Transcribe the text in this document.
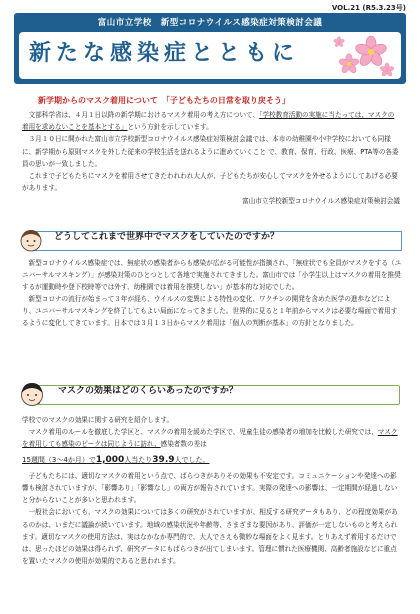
VOL.21 (R5.3.23号)
富山市立学校　新型コロナウイルス感染症対策検討会議
新たな感染症とともに
新学期からのマスク着用について　「子どもたちの日常を取り戻そう」

　文部科学省は、４月１日以降の新学期におけるマスク着用の考え方について、「学校教育活動の実施に当たっては、マスクの着用を求めないことを基本とする」という方針を示しています。

　３月１０日に開かれた富山市立学校新型コロナウイルス感染症対策検討会議では、本市の幼稚園や小中学校においても同様に、新学期から原則マスクを外した従来の学校生活を送れるように進めていくこと で、教育、保育、行政、医療、PTA等の各委員の思いが一致しました。

　これまで子どもたちにマスクを着用させてきたわれわれ大人が、子どもたちが安心してマスクを外せるようにしてあげる必要があります。

富山市立学校新型コロナウイルス感染症対策検討会議

どうしてこれまで世界中でマスクをしていたのですか？

　新型コロナウイルス感染症では、無症状の感染者からも感染が広がる可能性が指摘され、「無症状でも全員がマスクをする（ユニバーサルマスキング）」が感染対策のひとつとして各地で実施されてきました。富山市では「小学生以上はマスクの着用を推奨するが運動時や登下校時等では外す、幼稚園では着用を推奨しない」が基本的な対応でした。

　新型コロナの流行が始まって３年が経ち、ウイルスの変異による特性の変化、ワクチンの開発を含めた医学の進歩などにより、ユニバーサルマスキングを終了してもよい局面になってきました。世界的に見ると１年前からマスクは必要な場面で着用するように変化してきています。日本では３月１３日からマスク着用は「個人の判断が基本」の方針となりました。

マスクの効果はどのくらいあったのですか？

学校でのマスクの効果に関する研究を紹介します。

　マスク着用のルールを徹底した学区と、マスクの着用を緩めた学区で、児童生徒の感染者の増加を比較した研究では、マスクを着用しても感染のピークは同じように訪れ、感染者数の差は

15週間（3～4か月）で1,000人当たり39.9人でした。

　子どもたちには、適切なマスクの着用という点で、ばらつきがありその効果も不安定です。コミュニケーションや発達への影響も検討されていますが、「影響あり」「影響なし」の両方が報告されています。実際の発達への影響は、一定期間が経過しないと分からないことが多いと思われます。

　一般社会においても、マスクの効果については多くの研究がされていますが、相反する研究データもあり、どの程度効果があるのかは、いまだに議論が続いています。地域の感染状況や年齢等、さまざまな要因があり、評価が一定しないものと考えられます。適切なマスクの使用方法は、実はなかなか専門的で、大人でさえも微妙な場面をよく見ます。とりあえず着用するだけでは、思ったほどの効果は得られず、研究データにもばらつきが出てしまいます。管理に慣れた医療機関、高齢者施設などに重点を置いたマスクの使用が効果的であると思われます。
